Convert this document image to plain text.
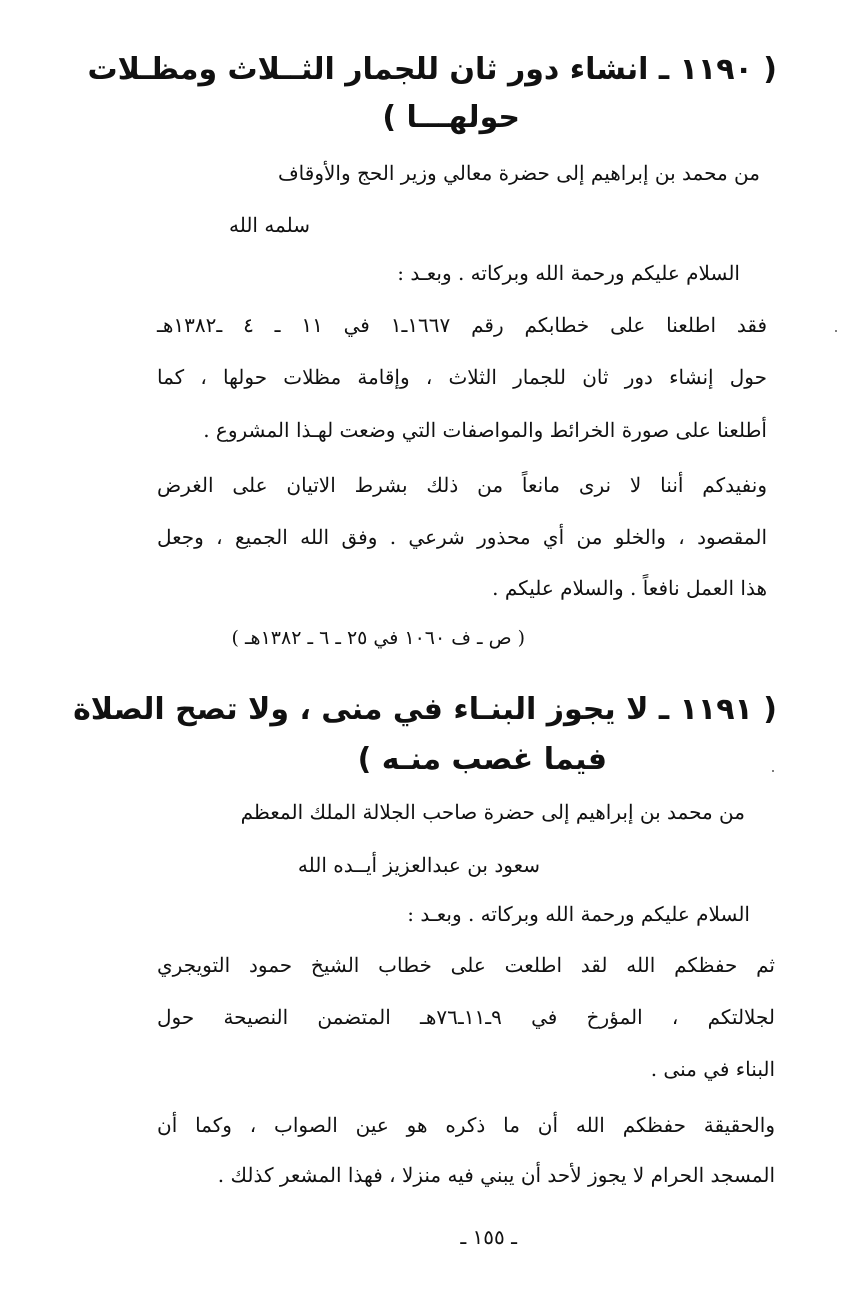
( ١١٩٠ ـ انشاء دور ثان للجمار الثــلاث ومظـلات
حولهـــا )
من محمد بن إبراهيم إلى حضرة معالي وزير الحج والأوقاف
سلمه الله
السلام عليكم ورحمة الله وبركاته . وبعـد :
فقد اطلعنا على خطابكم رقم ١٦٦٧ـ١ في ١١ ـ ٤ ـ١٣٨٢هـ
حول إنشاء دور ثان للجمار الثلاث ، وإقامة مظلات حولها ، كما
أطلعنا على صورة الخرائط والمواصفات التي وضعت لهـذا المشروع .
ونفيدكم أننا لا نرى مانعاً من ذلك بشرط الاتيان على الغرض
المقصود ، والخلو من أي محذور شرعي . وفق الله الجميع ، وجعل
هذا العمل نافعاً . والسلام عليكم .
( ص ـ ف ١٠٦٠ في ٢٥ ـ ٦ ـ ١٣٨٢هـ )
( ١١٩١ ـ لا يجوز البنـاء في منى ، ولا تصح الصلاة
فيما غصب منـه )
من محمد بن إبراهيم إلى حضرة صاحب الجلالة الملك المعظم
سعود بن عبدالعزيز أيــده الله
السلام عليكم ورحمة الله وبركاته . وبعـد :
ثم حفظكم الله لقد اطلعت على خطاب الشيخ حمود التويجري
لجلالتكم ، المؤرخ في ٩ـ١١ـ٧٦هـ المتضمن النصيحة حول
البناء في منى .
والحقيقة حفظكم الله أن ما ذكره هو عين الصواب ، وكما أن
المسجد الحرام لا يجوز لأحد أن يبني فيه منزلا ، فهذا المشعر كذلك .
ـ ١٥٥ ـ
